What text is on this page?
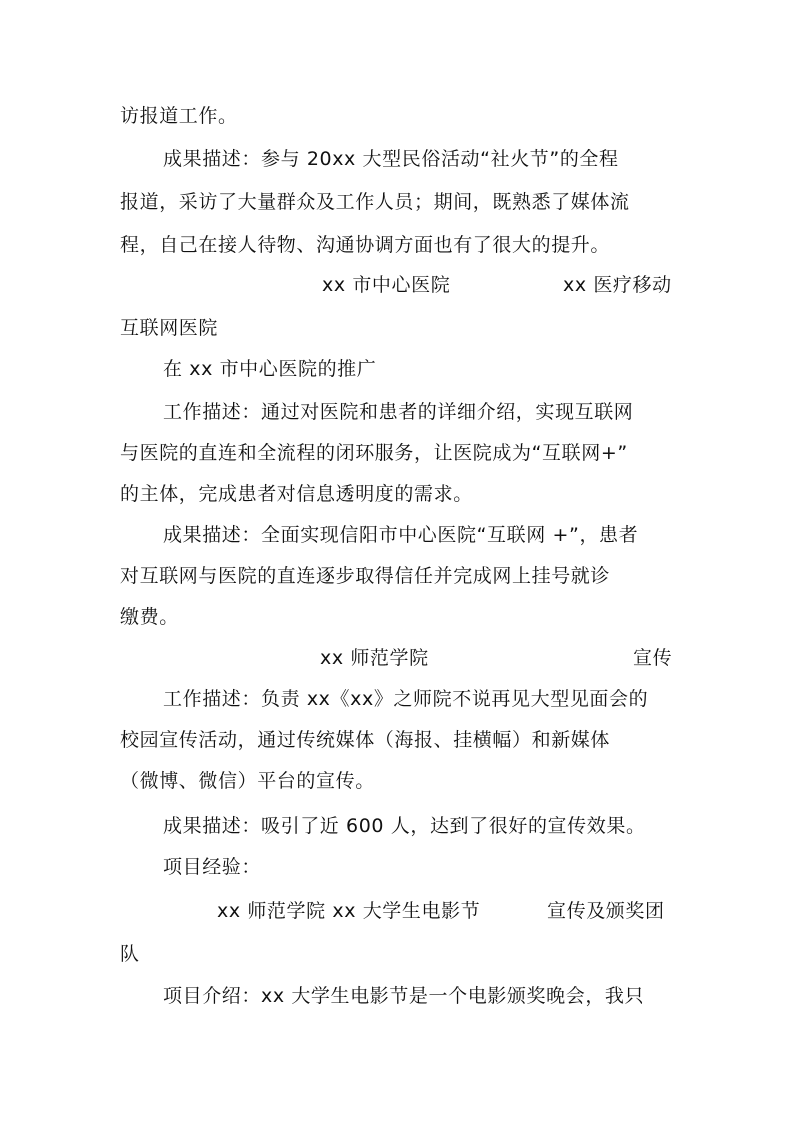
访报道工作。
成果描述：参与 20xx 大型民俗活动“社火节”的全程
报道，采访了大量群众及工作人员；期间，既熟悉了媒体流
程，自己在接人待物、沟通协调方面也有了很大的提升。
xx 市中心医院	xx 医疗移动
互联网医院
在 xx 市中心医院的推广
工作描述：通过对医院和患者的详细介绍，实现互联网
与医院的直连和全流程的闭环服务，让医院成为“互联网+”
的主体，完成患者对信息透明度的需求。
成果描述：全面实现信阳市中心医院“互联网 +”，患者
对互联网与医院的直连逐步取得信任并完成网上挂号就诊
缴费。
xx 师范学院	宣传
工作描述：负责 xx《xx》之师院不说再见大型见面会的
校园宣传活动，通过传统媒体（海报、挂横幅）和新媒体
（微博、微信）平台的宣传。
成果描述：吸引了近 600 人，达到了很好的宣传效果。
项目经验：
xx 师范学院 xx 大学生电影节	宣传及颁奖团
队
项目介绍：xx 大学生电影节是一个电影颁奖晚会，我只
